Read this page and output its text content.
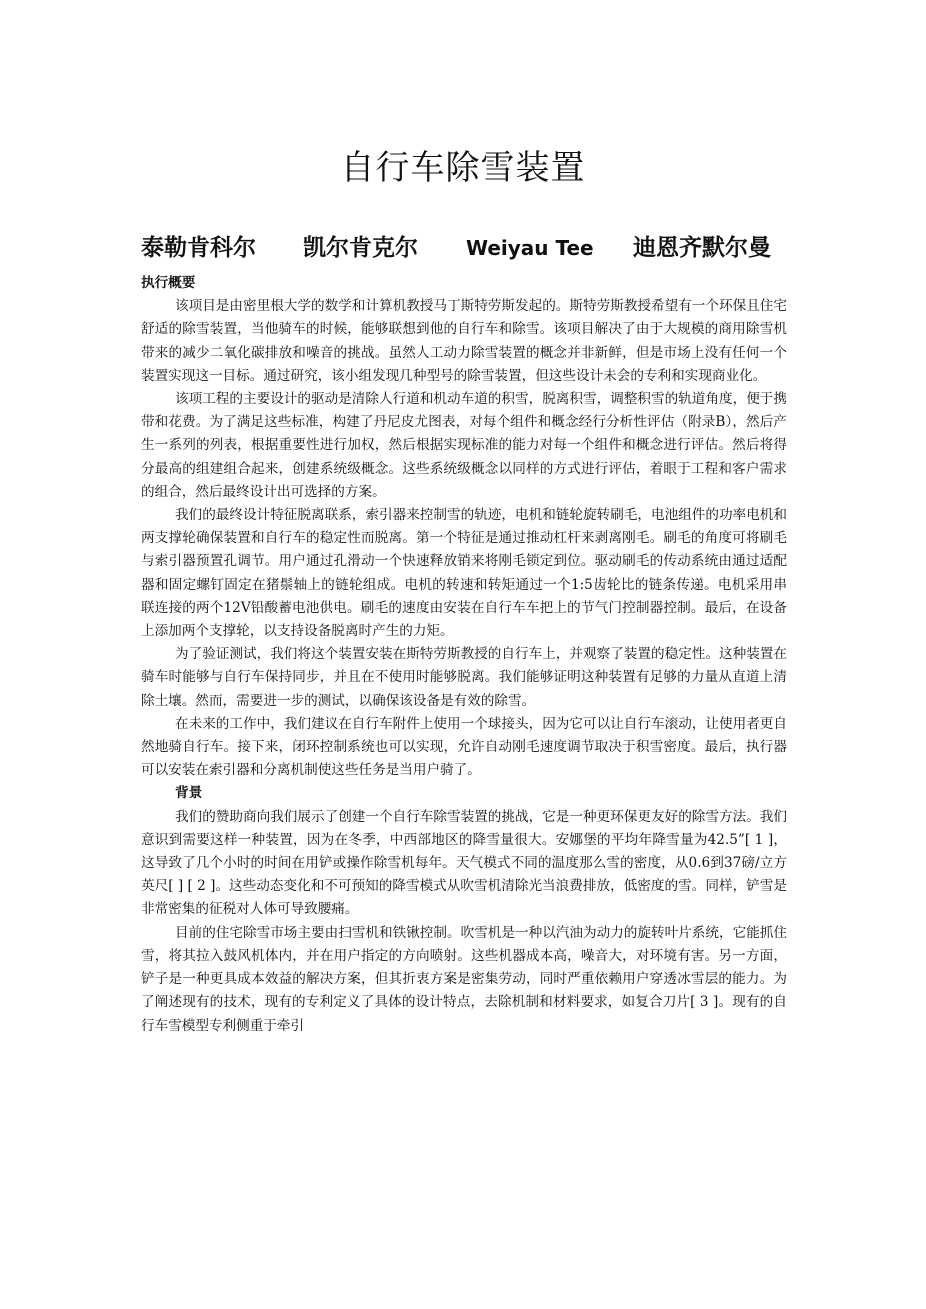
自行车除雪装置
泰勒肯科尔 凯尔肯克尔 Weiyau Tee 迪恩齐默尔曼
执行概要

该项目是由密里根大学的数学和计算机教授马丁斯特劳斯发起的。斯特劳斯教授希望有一个环保且住宅舒适的除雪装置，当他骑车的时候，能够联想到他的自行车和除雪。该项目解决了由于大规模的商用除雪机带来的减少二氧化碳排放和噪音的挑战。虽然人工动力除雪装置的概念并非新鲜，但是市场上没有任何一个装置实现这一目标。通过研究，该小组发现几种型号的除雪装置，但这些设计未会的专利和实现商业化。

该项工程的主要设计的驱动是清除人行道和机动车道的积雪，脱离积雪，调整积雪的轨道角度，便于携带和花费。为了满足这些标准，构建了丹尼皮尤图表，对每个组件和概念经行分析性评估（附录B），然后产生一系列的列表，根据重要性进行加权，然后根据实现标准的能力对每一个组件和概念进行评估。然后将得分最高的组建组合起来，创建系统级概念。这些系统级概念以同样的方式进行评估，着眼于工程和客户需求的组合，然后最终设计出可选择的方案。

我们的最终设计特征脱离联系，索引器来控制雪的轨迹，电机和链轮旋转刷毛，电池组件的功率电机和两支撑轮确保装置和自行车的稳定性而脱离。第一个特征是通过推动杠杆来剥离刚毛。刷毛的角度可将刷毛与索引器预置孔调节。用户通过孔滑动一个快速释放销来将刚毛锁定到位。驱动刷毛的传动系统由通过适配器和固定螺钉固定在猪鬃轴上的链轮组成。电机的转速和转矩通过一个1:5齿轮比的链条传递。电机采用串联连接的两个12V铅酸蓄电池供电。刷毛的速度由安装在自行车车把上的节气门控制器控制。最后，在设备上添加两个支撑轮，以支持设备脱离时产生的力矩。

为了验证测试，我们将这个装置安装在斯特劳斯教授的自行车上，并观察了装置的稳定性。这种装置在骑车时能够与自行车保持同步，并且在不使用时能够脱离。我们能够证明这种装置有足够的力量从直道上清除土壤。然而，需要进一步的测试，以确保该设备是有效的除雪。

在未来的工作中，我们建议在自行车附件上使用一个球接头，因为它可以让自行车滚动，让使用者更自然地骑自行车。接下来，闭环控制系统也可以实现，允许自动刚毛速度调节取决于积雪密度。最后，执行器可以安装在索引器和分离机制使这些任务是当用户骑了。

背景

我们的赞助商向我们展示了创建一个自行车除雪装置的挑战，它是一种更环保更友好的除雪方法。我们意识到需要这样一种装置，因为在冬季，中西部地区的降雪量很大。安娜堡的平均年降雪量为42.5”[ 1 ]，这导致了几个小时的时间在用铲或操作除雪机每年。天气模式不同的温度那么雪的密度，从0.6到37磅/立方英尺[ ] [ 2 ]。这些动态变化和不可预知的降雪模式从吹雪机清除光当浪费排放，低密度的雪。同样，铲雪是非常密集的征税对人体可导致腰痛。

目前的住宅除雪市场主要由扫雪机和铁锹控制。吹雪机是一种以汽油为动力的旋转叶片系统，它能抓住雪，将其拉入鼓风机体内，并在用户指定的方向喷射。这些机器成本高，噪音大，对环境有害。另一方面，铲子是一种更具成本效益的解决方案，但其折衷方案是密集劳动，同时严重依赖用户穿透冰雪层的能力。为了阐述现有的技术，现有的专利定义了具体的设计特点，去除机制和材料要求，如复合刀片[ 3 ]。现有的自行车雪模型专利侧重于牵引
